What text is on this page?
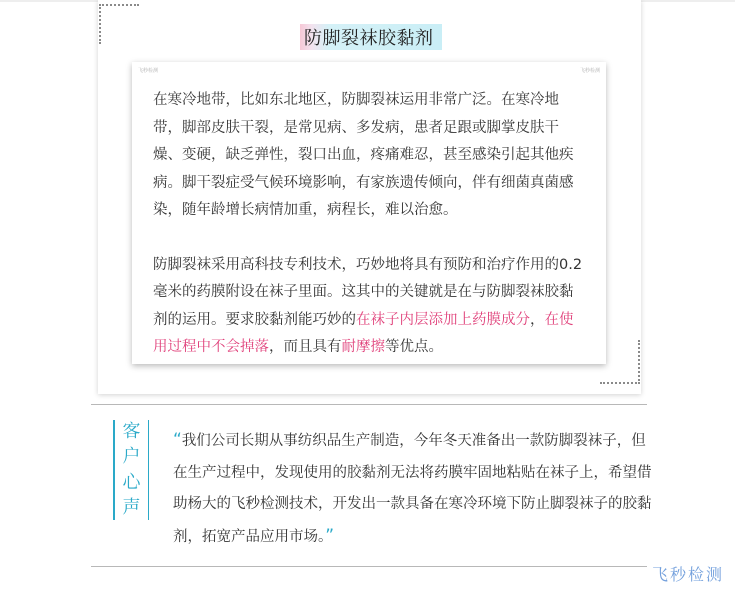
防脚裂袜胶黏剂
飞秒检测	飞秒检测

在寒冷地带，比如东北地区，防脚裂袜运用非常广泛。在寒冷地带，脚部皮肤干裂，是常见病、多发病，患者足跟或脚掌皮肤干燥、变硬，缺乏弹性，裂口出血，疼痛难忍，甚至感染引起其他疾病。脚干裂症受气候环境影响，有家族遗传倾向，伴有细菌真菌感染，随年龄增长病情加重，病程长，难以治愈。

防脚裂袜采用高科技专利技术，巧妙地将具有预防和治疗作用的0.2毫米的药膜附设在袜子里面。这其中的关键就是在与防脚裂袜胶黏剂的运用。要求胶黏剂能巧妙的在袜子内层添加上药膜成分，在使用过程中不会掉落，而且具有耐摩擦等优点。

客
户
心
声
“我们公司长期从事纺织品生产制造，今年冬天准备出一款防脚裂袜子，但在生产过程中，发现使用的胶黏剂无法将药膜牢固地粘贴在袜子上，希望借助杨大的飞秒检测技术，开发出一款具备在寒冷环境下防止脚裂袜子的胶黏剂，拓宽产品应用市场。”
飞秒检测
